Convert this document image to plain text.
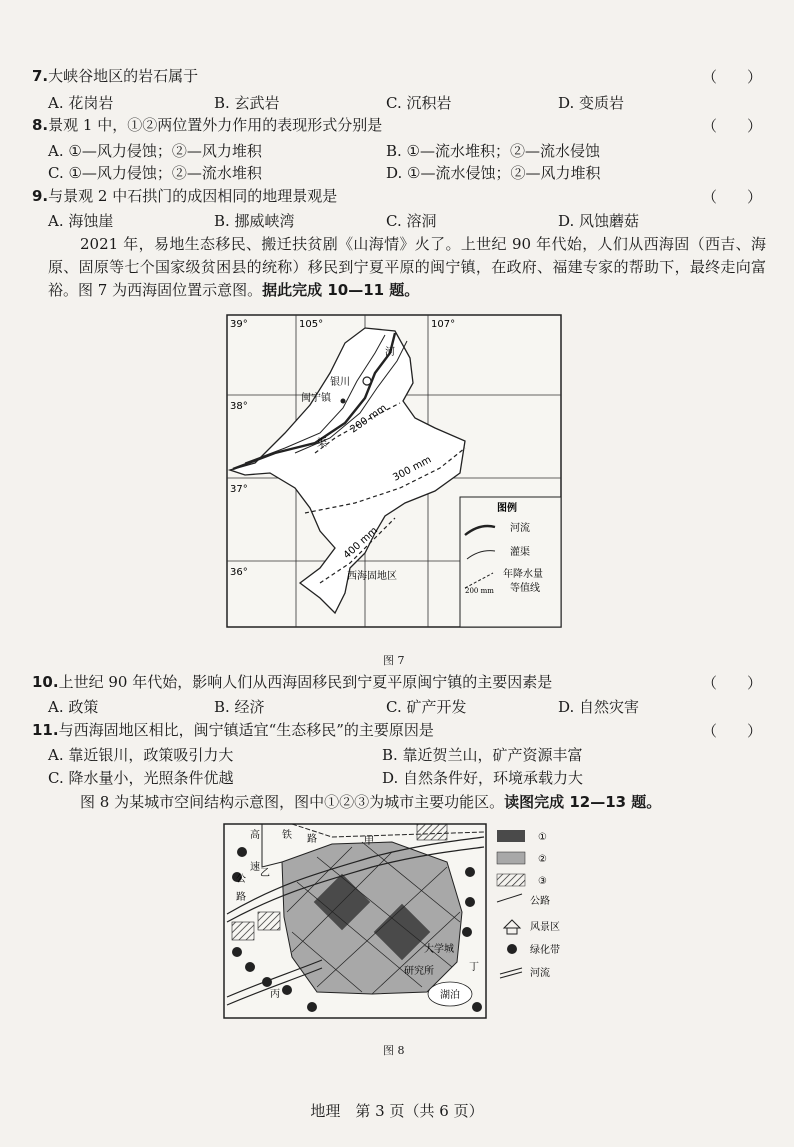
7.大峡谷地区的岩石属于	（　　）
A. 花岗岩	B. 玄武岩	C. 沉积岩	D. 变质岩
8.景观 1 中，①②两位置外力作用的表现形式分别是	（　　）
A. ①—风力侵蚀；②—风力堆积	B. ①—流水堆积；②—流水侵蚀
C. ①—风力侵蚀；②—流水堆积	D. ①—流水侵蚀；②—风力堆积
9.与景观 2 中石拱门的成因相同的地理景观是	（　　）
A. 海蚀崖	B. 挪威峡湾	C. 溶洞	D. 风蚀蘑菇
2021 年，易地生态移民、搬迁扶贫剧《山海情》火了。上世纪 90 年代始，人们从西海固（西吉、海原、固原等七个国家级贫困县的统称）移民到宁夏平原的闽宁镇，在政府、福建专家的帮助下，最终走向富裕。图 7 为西海固位置示意图。据此完成 10—11 题。
39°
38°
37°
36°
105°	107°
银川
闽宁镇
西海固地区
河
渠
200 mm
300 mm
400 mm
图例
河流
灌渠
200 mm
年降水量
等值线
图 7
10.上世纪 90 年代始，影响人们从西海固移民到宁夏平原闽宁镇的主要因素是	（　　）
A. 政策	B. 经济	C. 矿产开发	D. 自然灾害
11.与西海固地区相比，闽宁镇适宜“生态移民”的主要原因是	（　　）
A. 靠近银川，政策吸引力大	B. 靠近贺兰山，矿产资源丰富
C. 降水量小，光照条件优越	D. 自然条件好，环境承载力大
图 8 为某城市空间结构示意图，图中①②③为城市主要功能区。读图完成 12—13 题。
高
速
公
路
铁 路	甲
乙
丙
丁
大学城
研究所
湖泊
①
②
③
公路
风景区
绿化带
河流
图 8
地理　第 3 页（共 6 页）
